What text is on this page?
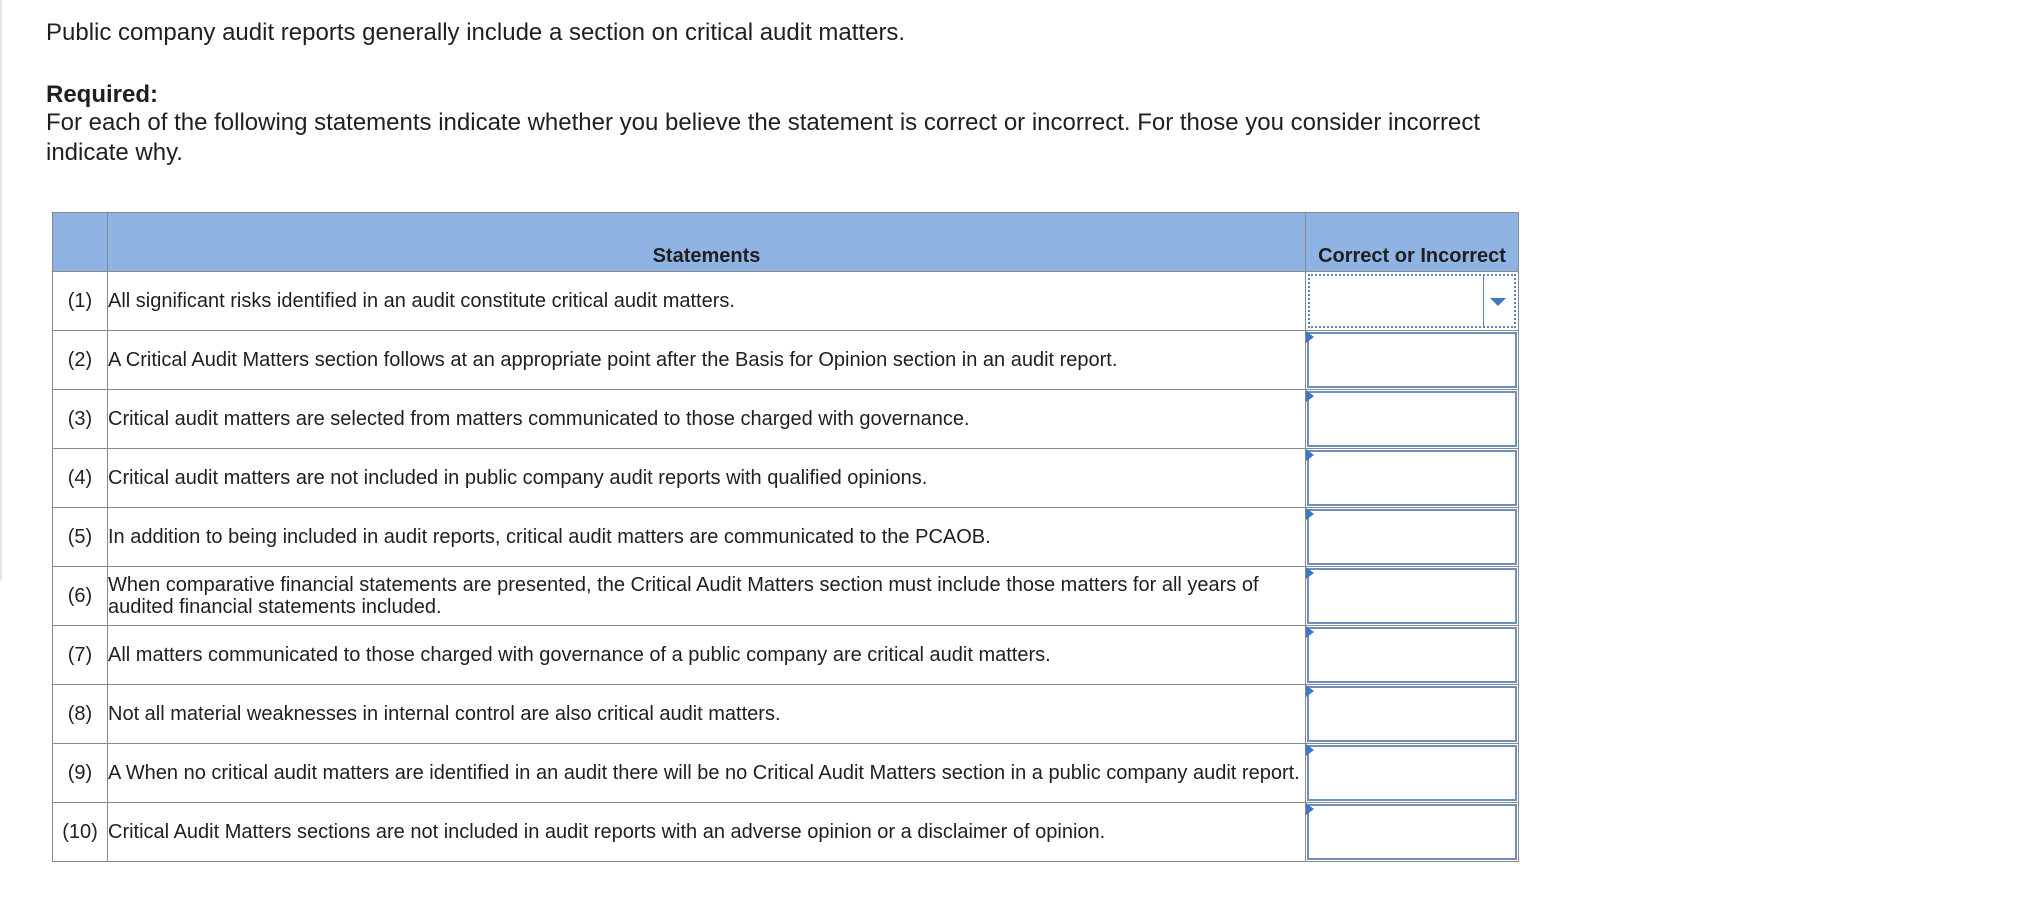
Public company audit reports generally include a section on critical audit matters.
Required:
For each of the following statements indicate whether you believe the statement is correct or incorrect. For those you consider incorrect indicate why.
	Statements	Correct or Incorrect
(1)	All significant risks identified in an audit constitute critical audit matters.	

(2)	A Critical Audit Matters section follows at an appropriate point after the Basis for Opinion section in an audit report.	

(3)	Critical audit matters are selected from matters communicated to those charged with governance.	

(4)	Critical audit matters are not included in public company audit reports with qualified opinions.	

(5)	In addition to being included in audit reports, critical audit matters are communicated to the PCAOB.	

(6)	When comparative financial statements are presented, the Critical Audit Matters section must include those matters for all years of audited financial statements included.	

(7)	All matters communicated to those charged with governance of a public company are critical audit matters.	

(8)	Not all material weaknesses in internal control are also critical audit matters.	

(9)	A When no critical audit matters are identified in an audit there will be no Critical Audit Matters section in a public company audit report.	

(10)	Critical Audit Matters sections are not included in audit reports with an adverse opinion or a disclaimer of opinion.	
